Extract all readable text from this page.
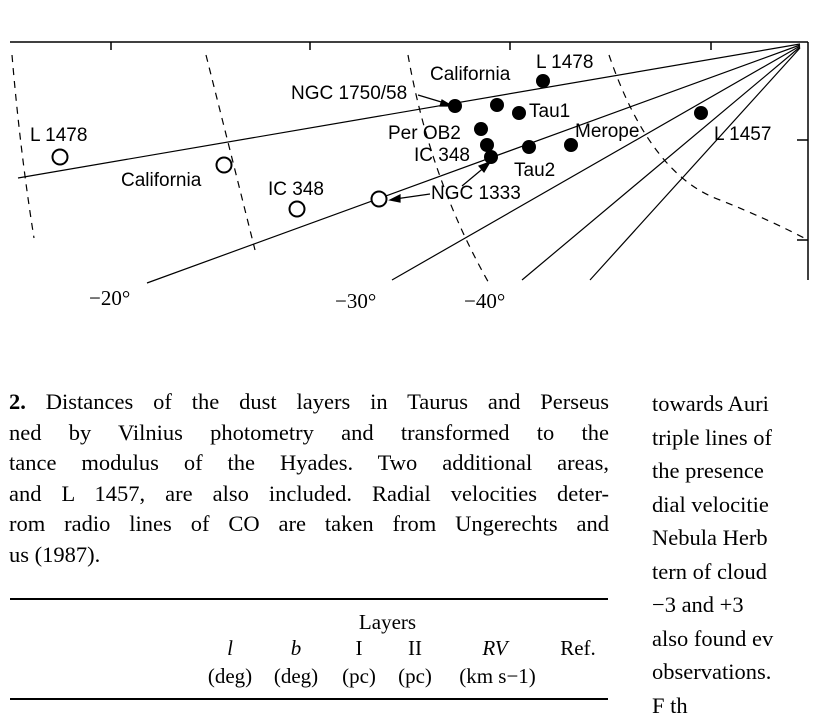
L 1478
California	IC 348	NGC 1333
NGC 1750/58
California
L 1478
Tau1
Per OB2
IC 348
Tau2
Merope	L 1457
−20°	−30°	−40°
2. Distances of the dust layers in Taurus and Perseus
ned by Vilnius photometry and transformed to the
tance modulus of the Hyades. Two additional areas,
and L 1457, are also included. Radial velocities deter-
rom radio lines of CO are taken from Ungerechts and
us (1987).
towards Auri
triple lines of
the presence
dial velocitie
Nebula Herb
tern of cloud
−3 and +3
also found ev
observations.
F th
Layers
l	b	I	II	RV	Ref.
(deg)	(deg)	(pc)	(pc)	(km s−1)
